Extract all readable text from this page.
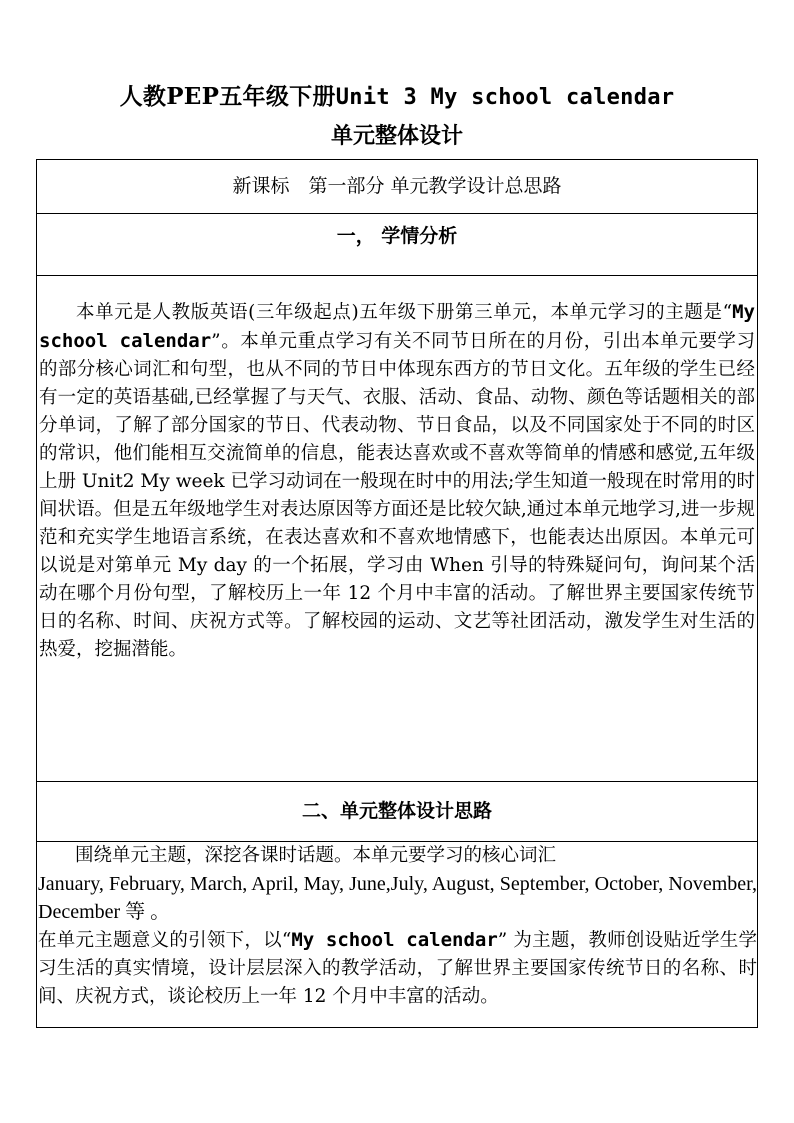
人教PEP五年级下册Unit 3 My school calendar
单元整体设计
新课标　第一部分 单元教学设计总思路

一， 学情分析

本单元是人教版英语(三年级起点)五年级下册第三单元，本单元学习的主题是“My school calendar”。本单元重点学习有关不同节日所在的月份，引出本单元要学习的部分核心词汇和句型，也从不同的节日中体现东西方的节日文化。五年级的学生已经有一定的英语基础,已经掌握了与天气、衣服、活动、食品、动物、颜色等话题相关的部分单词，了解了部分国家的节日、代表动物、节日食品，以及不同国家处于不同的时区的常识，他们能相互交流简单的信息，能表达喜欢或不喜欢等简单的情感和感觉,五年级上册 Unit2 My week 已学习动词在一般现在时中的用法;学生知道一般现在时常用的时间状语。但是五年级地学生对表达原因等方面还是比较欠缺,通过本单元地学习,进一步规范和充实学生地语言系统，在表达喜欢和不喜欢地情感下，也能表达出原因。本单元可以说是对第单元 My day 的一个拓展，学习由 When 引导的特殊疑问句，询问某个活动在哪个月份句型，了解校历上一年 12 个月中丰富的活动。了解世界主要国家传统节日的名称、时间、庆祝方式等。了解校园的运动、文艺等社团活动，激发学生对生活的热爱，挖掘潜能。

二、单元整体设计思路

围绕单元主题，深挖各课时话题。本单元要学习的核心词汇
January, February, March, April, May, June,July, August, September, October, November, December 等 。
在单元主题意义的引领下，以“My school calendar” 为主题，教师创设贴近学生学习生活的真实情境，设计层层深入的教学活动，了解世界主要国家传统节日的名称、时间、庆祝方式，谈论校历上一年 12 个月中丰富的活动。
